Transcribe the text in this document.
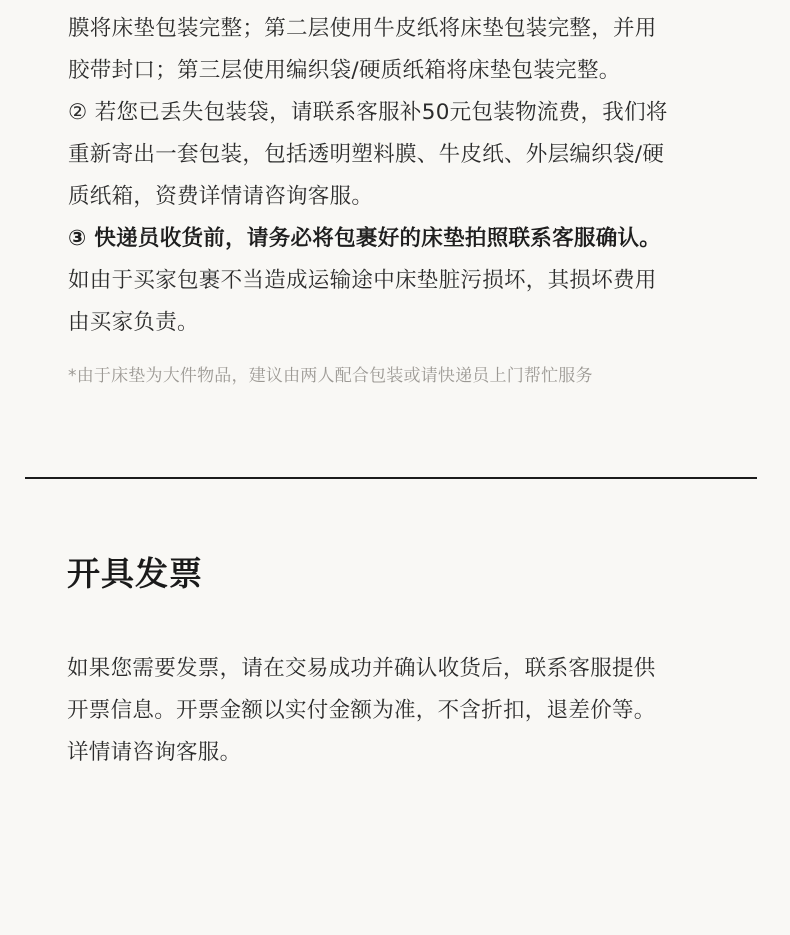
膜将床垫包装完整；第二层使用牛皮纸将床垫包装完整，并用

胶带封口；第三层使用编织袋/硬质纸箱将床垫包装完整。

② 若您已丢失包装袋，请联系客服补50元包装物流费，我们将

重新寄出一套包装，包括透明塑料膜、牛皮纸、外层编织袋/硬

质纸箱，资费详情请咨询客服。

③ 快递员收货前，请务必将包裹好的床垫拍照联系客服确认。

如由于买家包裹不当造成运输途中床垫脏污损坏，其损坏费用

由买家负责。

*由于床垫为大件物品，建议由两人配合包装或请快递员上门帮忙服务

开具发票
如果您需要发票，请在交易成功并确认收货后，联系客服提供
开票信息。开票金额以实付金额为准，不含折扣，退差价等。
详情请咨询客服。
